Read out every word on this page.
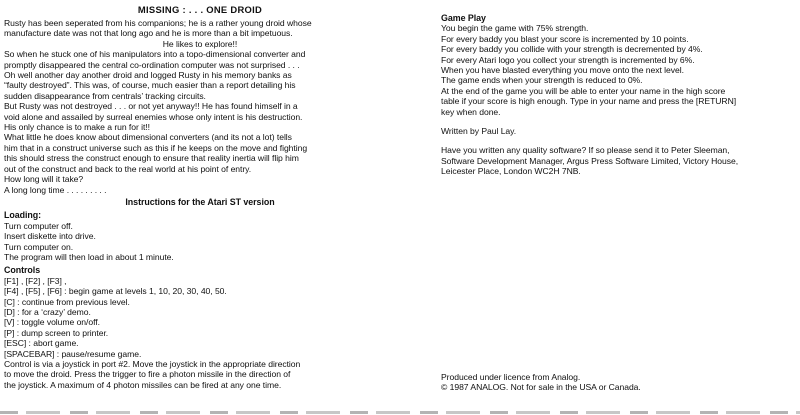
MISSING : . . . ONE DROID
Rusty has been seperated from his companions; he is a rather young droid whose
manufacture date was not that long ago and he is more than a bit impetuous.
He likes to explore!!
So when he stuck one of his manipulators into a topo-dimensional converter and
promptly disappeared the central co-ordination computer was not surprised . . .
Oh well another day another droid and logged Rusty in his memory banks as
“faulty destroyed”. This was, of course, much easier than a report detailing his
sudden disappearance from centrals’ tracking circuits.
But Rusty was not destroyed . . . or not yet anyway!! He has found himself in a
void alone and assailed by surreal enemies whose only intent is his destruction.
His only chance is to make a run for it!!
What little he does know about dimensional converters (and its not a lot) tells
him that in a construct universe such as this if he keeps on the move and fighting
this should stress the construct enough to ensure that reality inertia will flip him
out of the construct and back to the real world at his point of entry.
How long will it take?
A long long time . . . . . . . . .
Instructions for the Atari ST version
Loading:
Turn computer off.
Insert diskette into drive.
Turn computer on.
The program will then load in about 1 minute.
Controls
[F1] , [F2] , [F3] ,
[F4] , [F5] , [F6] : begin game at levels 1, 10, 20, 30, 40, 50.
[C] : continue from previous level.
[D] : for a ‘crazy’ demo.
[V] : toggle volume on/off.
[P] : dump screen to printer.
[ESC] : abort game.
[SPACEBAR] : pause/resume game.
Control is via a joystick in port #2. Move the joystick in the appropriate direction
to move the droid. Press the trigger to fire a photon missile in the direction of
the joystick. A maximum of 4 photon missiles can be fired at any one time.
Game Play
You begin the game with 75% strength.
For every baddy you blast your score is incremented by 10 points.
For every baddy you collide with your strength is decremented by 4%.
For every Atari logo you collect your strength is incremented by 6%.
When you have blasted everything you move onto the next level.
The game ends when your strength is reduced to 0%.
At the end of the game you will be able to enter your name in the high score
table if your score is high enough. Type in your name and press the [RETURN]
key when done.
Written by Paul Lay.
Have you written any quality software? If so please send it to Peter Sleeman,
Software Development Manager, Argus Press Software Limited, Victory House,
Leicester Place, London WC2H 7NB.
Produced under licence from Analog.
© 1987 ANALOG. Not for sale in the USA or Canada.
